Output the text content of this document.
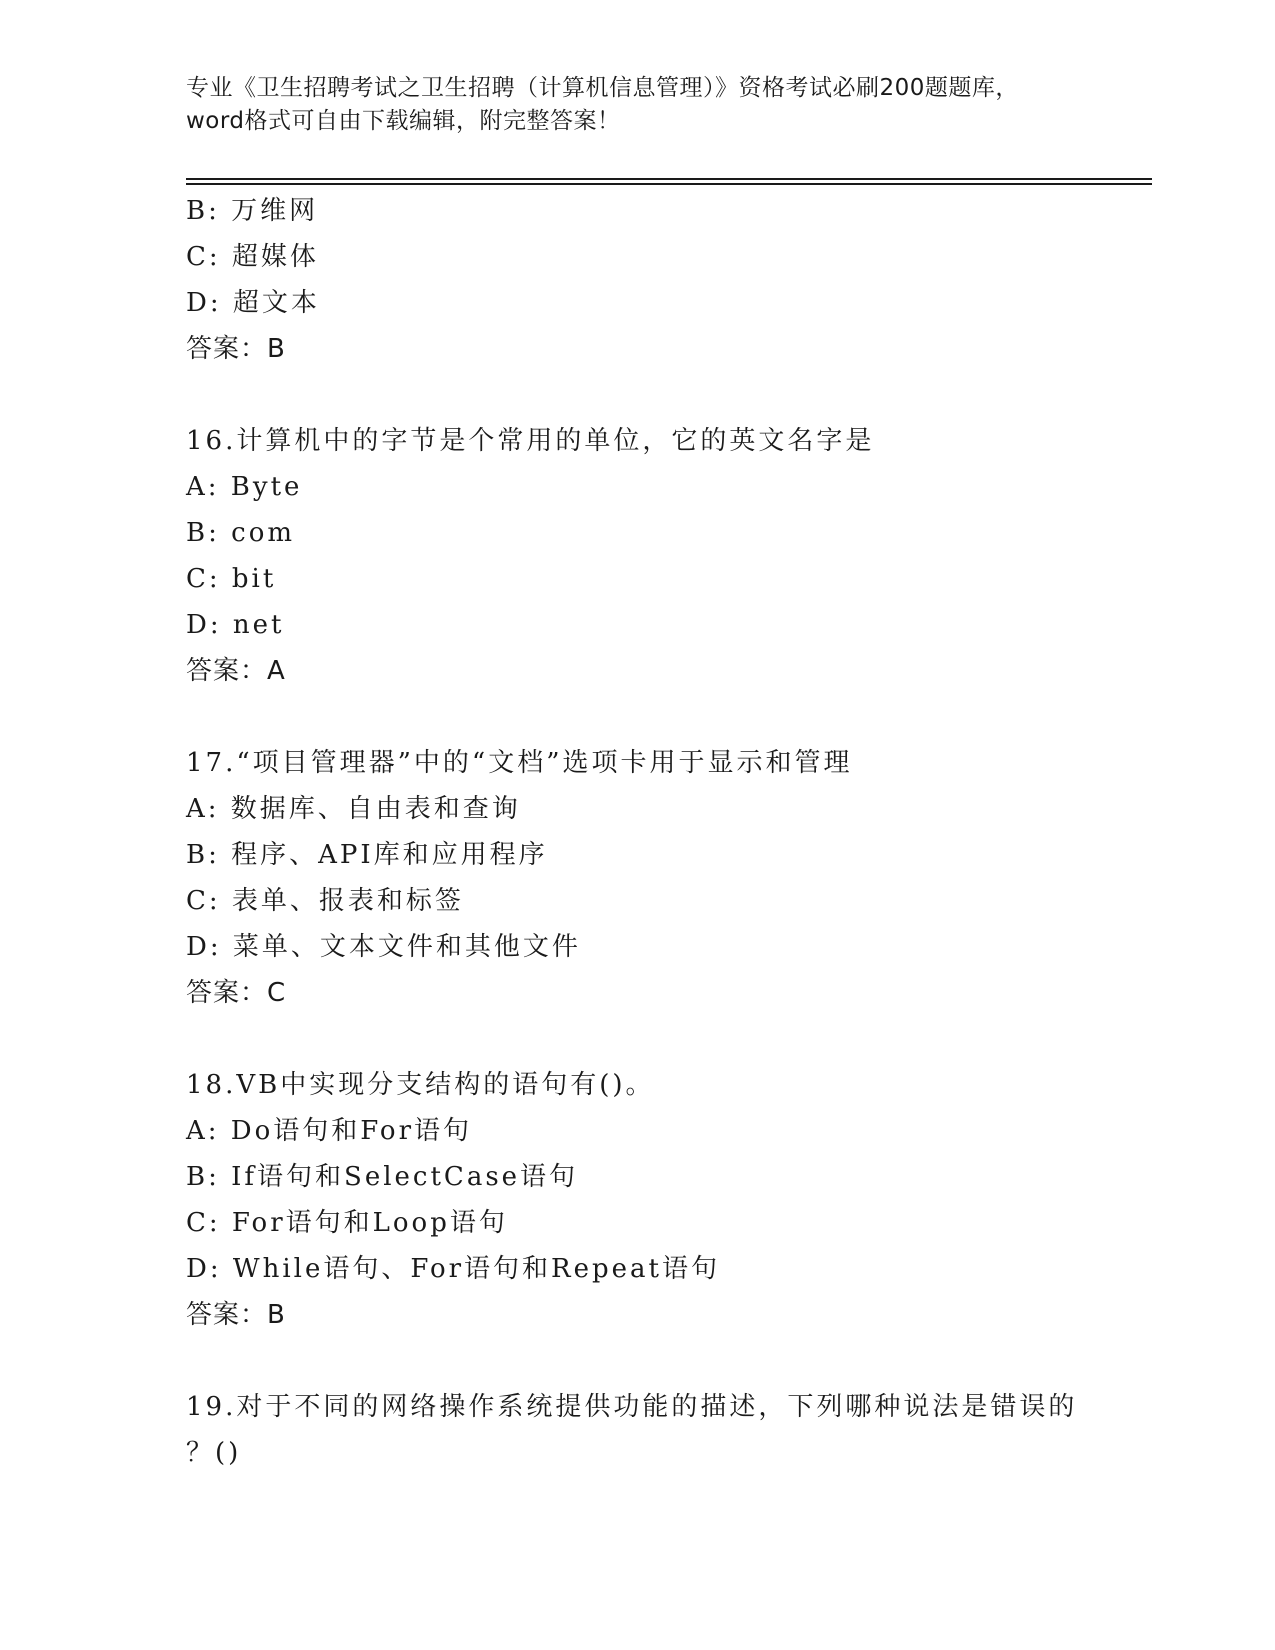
专业《卫生招聘考试之卫生招聘（计算机信息管理）》资格考试必刷200题题库，
word格式可自由下载编辑，附完整答案！
B: 万维网
C: 超媒体
D: 超文本
答案：B
16.计算机中的字节是个常用的单位，它的英文名字是
A: Byte
B: com
C: bit
D: net
答案：A
17.“项目管理器”中的“文档”选项卡用于显示和管理
A: 数据库、自由表和查询
B: 程序、API库和应用程序
C: 表单、报表和标签
D: 菜单、文本文件和其他文件
答案：C
18.VB中实现分支结构的语句有()。
A: Do语句和For语句
B: If语句和SelectCase语句
C: For语句和Loop语句
D: While语句、For语句和Repeat语句
答案：B
19.对于不同的网络操作系统提供功能的描述，下列哪种说法是错误的
？()
